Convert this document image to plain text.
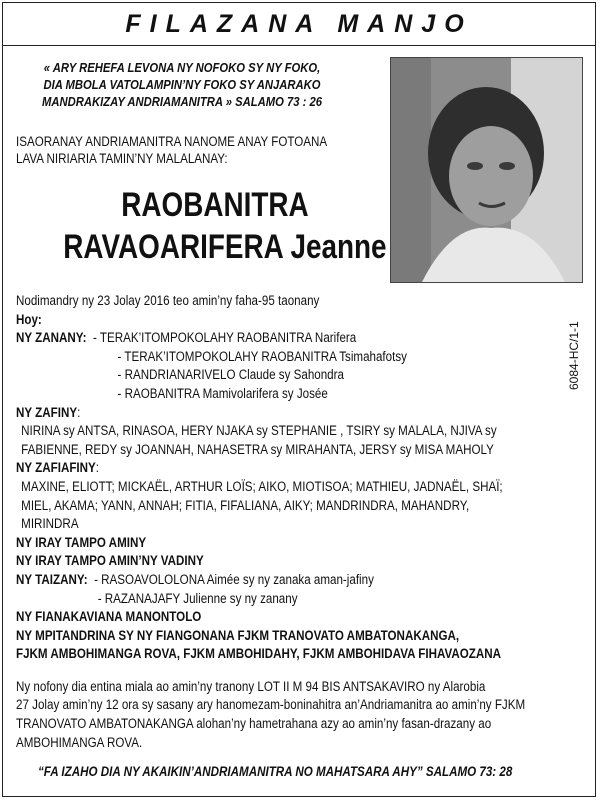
FILAZANA MANJO
« ARY REHEFA LEVONA NY NOFOKO SY NY FOKO,
DIA MBOLA VATOLAMPIN’NY FOKO SY ANJARAKO
MANDRAKIZAY ANDRIAMANITRA » SALAMO 73 : 26
ISAORANAY ANDRIAMANITRA NANOME ANAY FOTOANA
LAVA NIRIARIA TAMIN’NY MALALANAY:
RAOBANITRA
RAVAOARIFERA Jeanne
6084-HC/1-1
Nodimandry ny 23 Jolay 2016 teo amin’ny faha-95 taonany
Hoy:
NY ZANANY: - TERAK’ITOMPOKOLAHY RAOBANITRA Narifera
- TERAK’ITOMPOKOLAHY RAOBANITRA Tsimahafotsy
- RANDRIANARIVELO Claude sy Sahondra
- RAOBANITRA Mamivolarifera sy Josée
NY ZAFINY:
NIRINA sy ANTSA, RINASOA, HERY NJAKA sy STEPHANIE , TSIRY sy MALALA, NJIVA sy
FABIENNE, REDY sy JOANNAH, NAHASETRA sy MIRAHANTA, JERSY sy MISA MAHOLY
NY ZAFIAFINY:
MAXINE, ELIOTT; MICKAËL, ARTHUR LOÏS; AIKO, MIOTISOA; MATHIEU, JADNAËL, SHAÏ;
MIEL, AKAMA; YANN, ANNAH; FITIA, FIFALIANA, AIKY; MANDRINDRA, MAHANDRY,
MIRINDRA
NY IRAY TAMPO AMINY
NY IRAY TAMPO AMIN’NY VADINY
NY TAIZANY: - RASOAVOLOLONA Aimée sy ny zanaka aman-jafiny
- RAZANAJAFY Julienne sy ny zanany
NY FIANAKAVIANA MANONTOLO
NY MPITANDRINA SY NY FIANGONANA FJKM TRANOVATO AMBATONAKANGA,
FJKM AMBOHIMANGA ROVA, FJKM AMBOHIDAHY, FJKM AMBOHIDAVA FIHAVAOZANA
Ny nofony dia entina miala ao amin’ny tranony LOT II M 94 BIS ANTSAKAVIRO ny Alarobia
27 Jolay amin’ny 12 ora sy sasany ary hanomezam-boninahitra an’Andriamanitra ao amin’ny FJKM
TRANOVATO AMBATONAKANGA alohan’ny hametrahana azy ao amin’ny fasan-drazany ao
AMBOHIMANGA ROVA.
“FA IZAHO DIA NY AKAIKIN’ANDRIAMANITRA NO MAHATSARA AHY” SALAMO 73: 28
